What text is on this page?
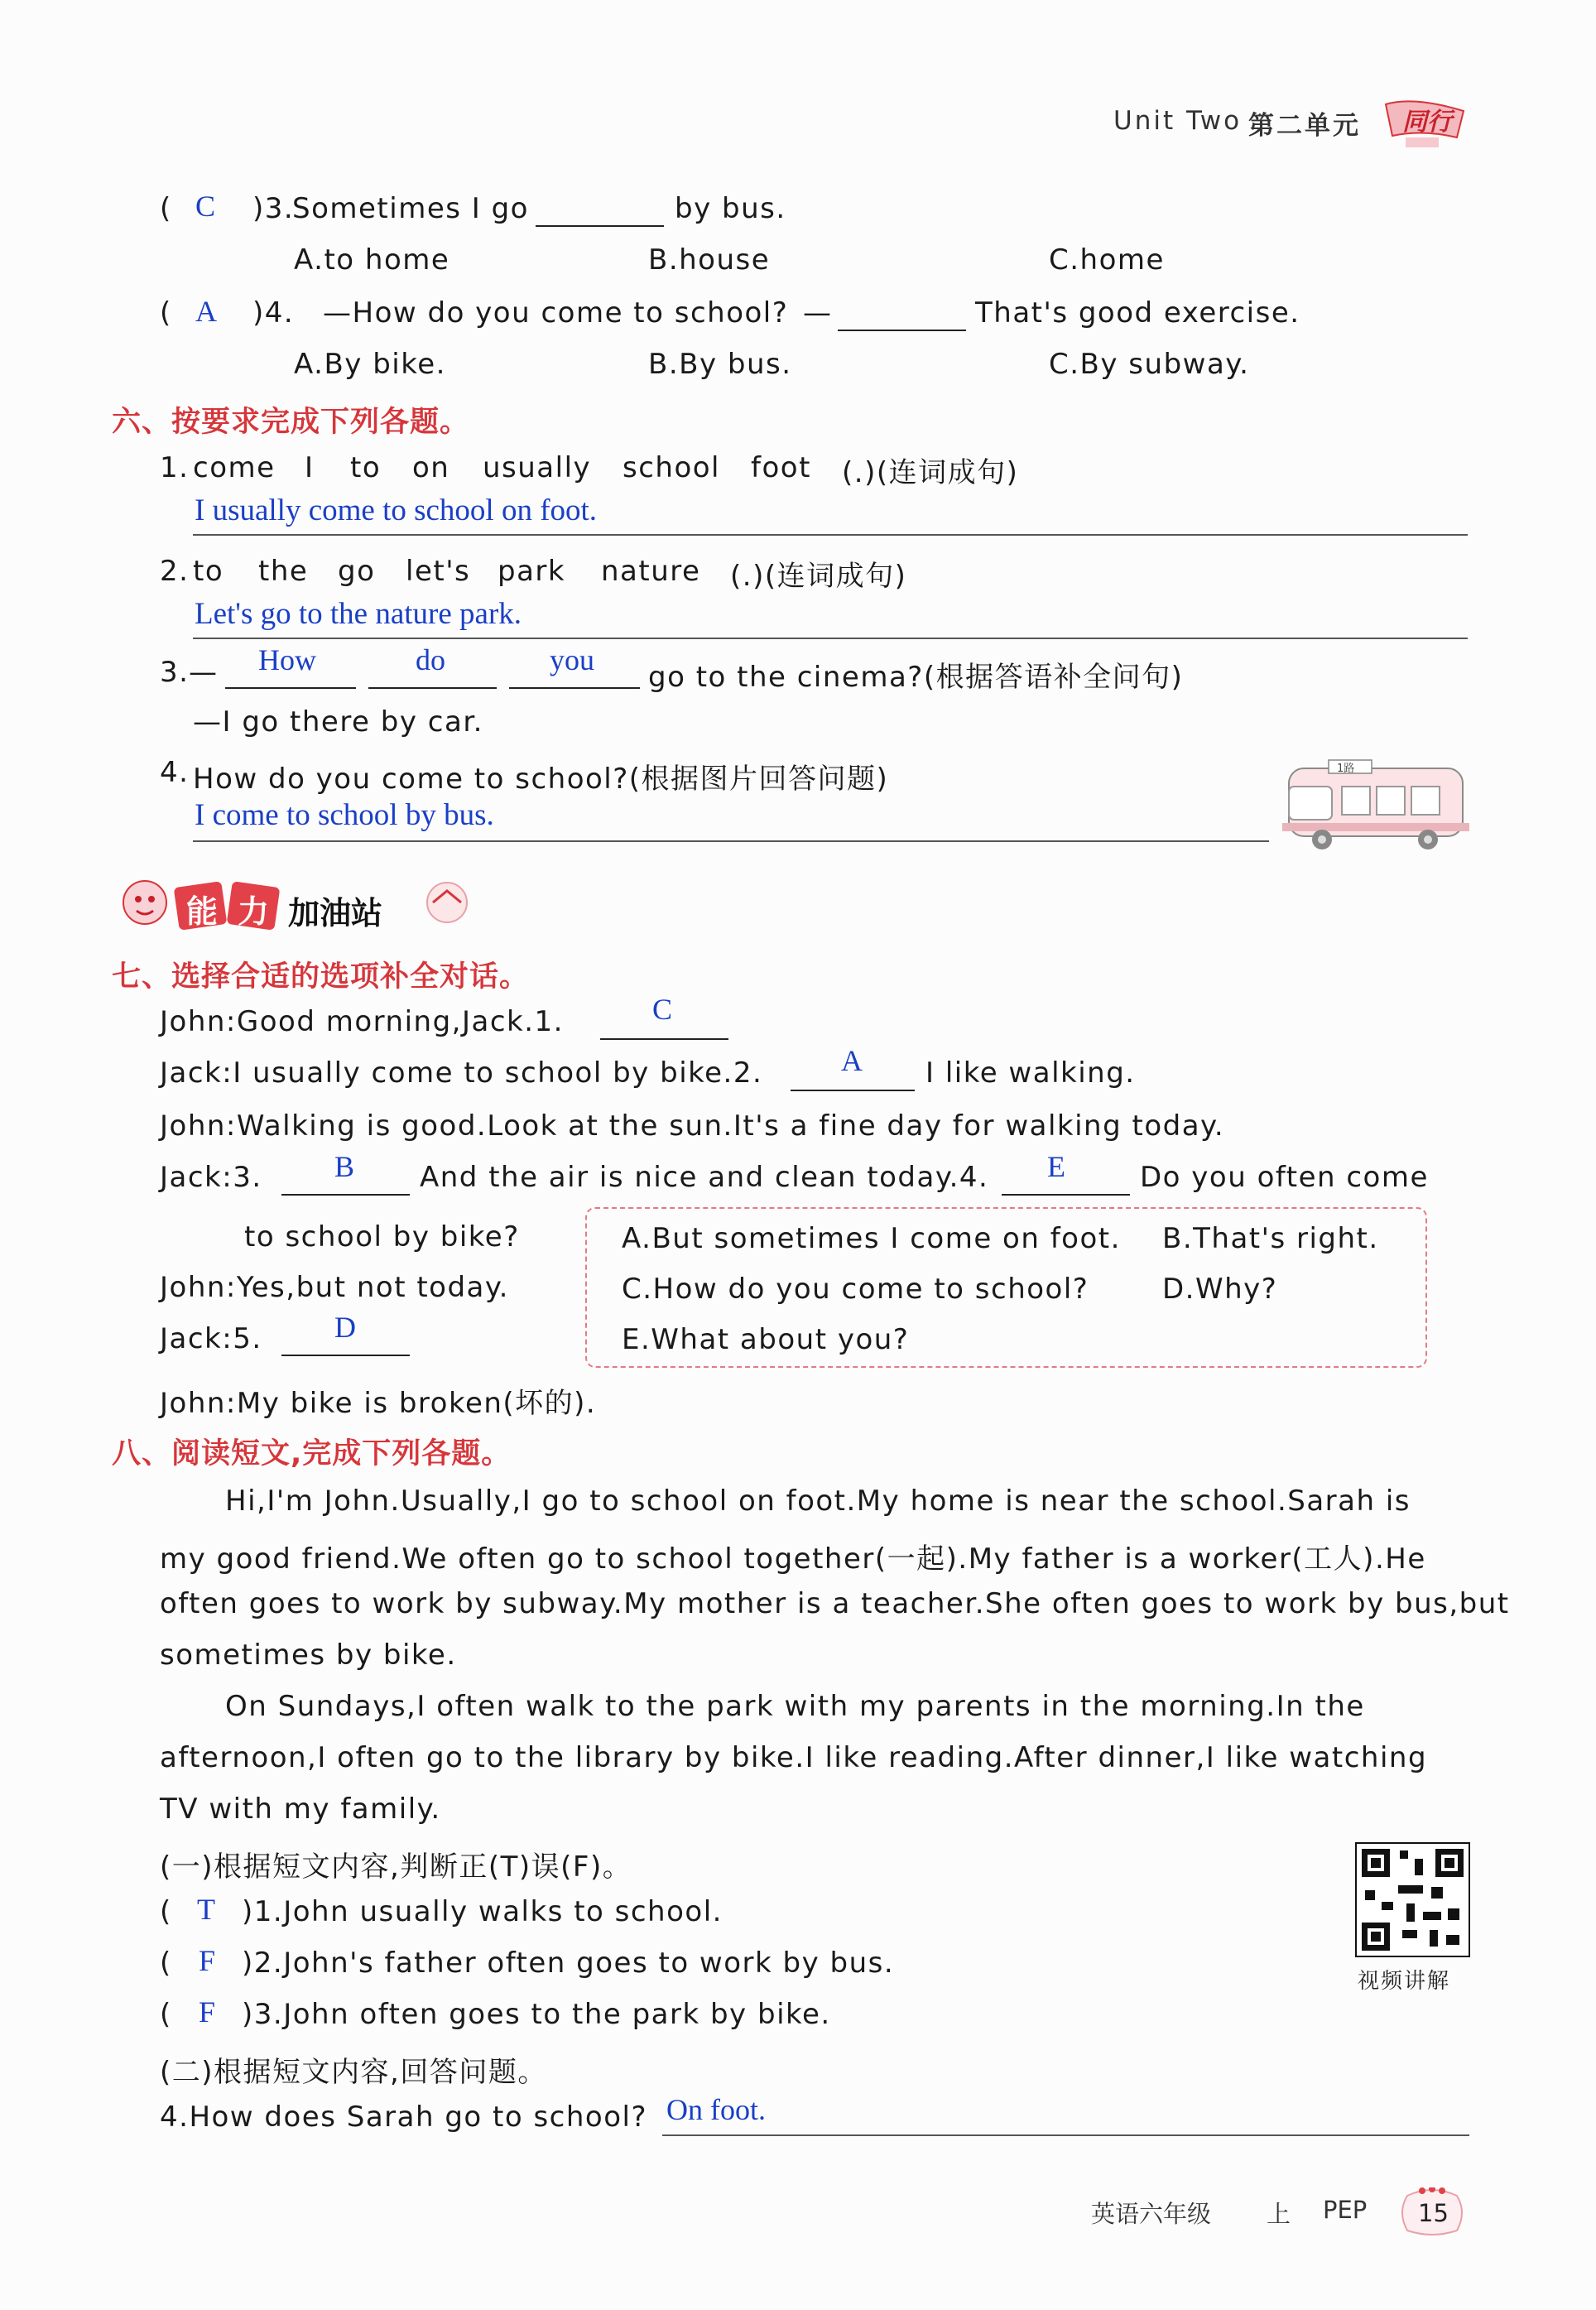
Unit Two 第二单元 同行
( C )3.
Sometimes I go	by bus.
A.to home	B.house	C.home
( A )4. —How do you come to school? —	That's good exercise.
A.By bike.	B.By bus.	C.By subway.
六、按要求完成下列各题。
1. come I to on usually school foot (.)(连词成句)
I usually come to school on foot.
2. to the go let's park nature (.)(连词成句)
Let's go to the nature park.
3. — How	do	you
go to the cinema?(根据答语补全问句)
—I go there by car.
4. How do you come to school?(根据图片回答问题)
I come to school by bus.
1路
能 力 加油站
七、选择合适的选项补全对话。
John:Good morning,Jack.1.	C
Jack:I usually come to school by bike.2.	A I like walking.
John:Walking is good.Look at the sun.It's a fine day for walking today.
Jack:3. B And the air is nice and clean today.4. E	Do you often come
to school by bike?
John:Yes,but not today.
Jack:5. D
John:My bike is broken(坏的).
A.But sometimes I come on foot. B.That's right.
C.How do you come to school?	D.Why?
E.What about you?
八、阅读短文,完成下列各题。
Hi,I'm John.Usually,I go to school on foot.My home is near the school.Sarah is
my good friend.We often go to school together(一起).My father is a worker(工人).He
often goes to work by subway.My mother is a teacher.She often goes to work by bus,but
sometimes by bike.
On Sundays,I often walk to the park with my parents in the morning.In the
afternoon,I often go to the library by bike.I like reading.After dinner,I like watching
TV with my family.
(一)根据短文内容,判断正(T)误(F)。
( T )1.John usually walks to school.
( F )2.John's father often goes to work by bus.
( F )3.John often goes to the park by bike.
(二)根据短文内容,回答问题。
4.How does Sarah go to school? On foot.
视频讲解
英语六年级 上 PEP 15
